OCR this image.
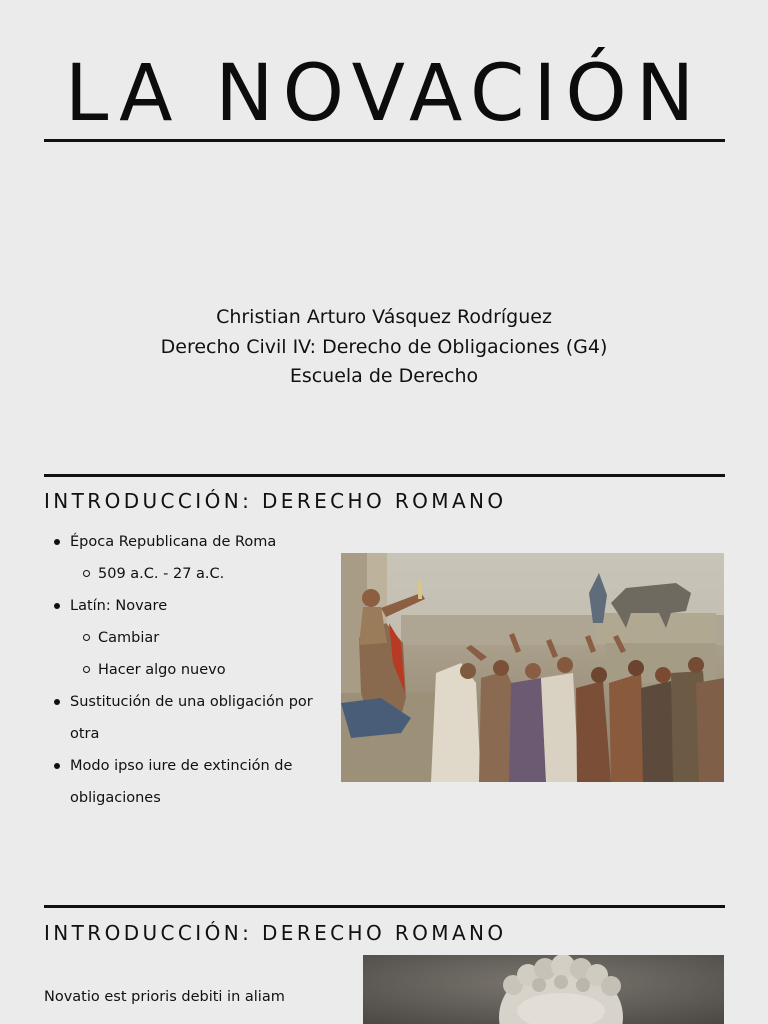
LA NOVACIÓN
Christian Arturo Vásquez Rodríguez
Derecho Civil IV: Derecho de Obligaciones (G4)
Escuela de Derecho
INTRODUCCIÓN: DERECHO ROMANO
Época Republicana de Roma
509 a.C. - 27 a.C.
Latín: Novare
Cambiar
Hacer algo nuevo
Sustitución de una obligación por otra
Modo ipso iure de extinción de obligaciones
INTRODUCCIÓN: DERECHO ROMANO
Novatio est prioris debiti in aliam
